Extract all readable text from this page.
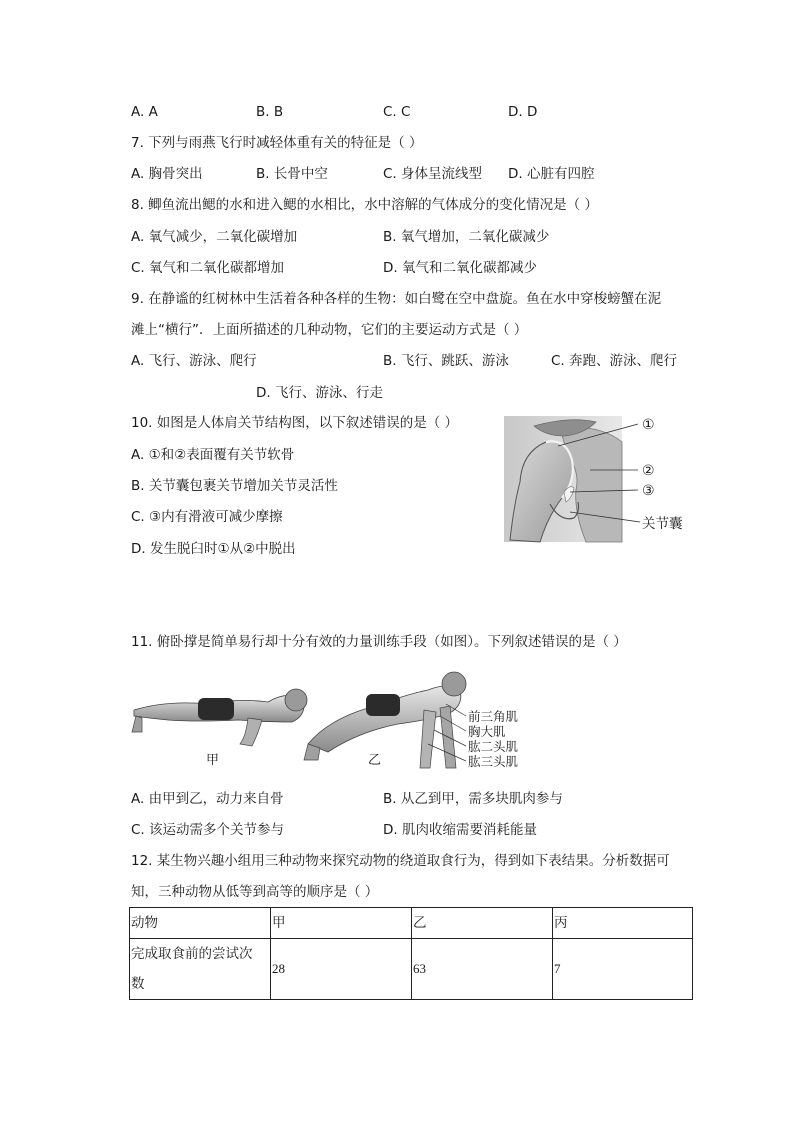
A. A	B. B	C. C	D. D
7. 下列与雨燕飞行时减轻体重有关的特征是（ ）
A. 胸骨突出	B. 长骨中空	C. 身体呈流线型 D. 心脏有四腔
8. 鲫鱼流出鳃的水和进入鳃的水相比，水中溶解的气体成分的变化情况是（ ）
A. 氧气减少，二氧化碳增加	B. 氧气增加，二氧化碳减少
C. 氧气和二氧化碳都增加	D. 氧气和二氧化碳都减少
9. 在静谧的红树林中生活着各种各样的生物：如白鹭在空中盘旋。鱼在水中穿梭螃蟹在泥
滩上“横行”．上面所描述的几种动物，它们的主要运动方式是（ ）
A. 飞行、游泳、爬行	B. 飞行、跳跃、游泳	C. 奔跑、游泳、爬行
D. 飞行、游泳、行走
10. 如图是人体肩关节结构图，以下叙述错误的是（ ）
A. ①和②表面覆有关节软骨
B. 关节囊包裹关节增加关节灵活性
C. ③内有滑液可减少摩擦
D. 发生脱臼时①从②中脱出
①
②
③
关节囊
11. 俯卧撑是简单易行却十分有效的力量训练手段（如图）。下列叙述错误的是（ ）
甲	乙
前三角肌
胸大肌
肱二头肌
肱三头肌
A. 由甲到乙，动力来自骨	B. 从乙到甲，需多块肌肉参与
C. 该运动需多个关节参与	D. 肌肉收缩需要消耗能量
12. 某生物兴趣小组用三种动物来探究动物的绕道取食行为，得到如下表结果。分析数据可
知，三种动物从低等到高等的顺序是（ ）
动物	甲	乙	丙

完成取食前的尝试次
数	28	63	7
